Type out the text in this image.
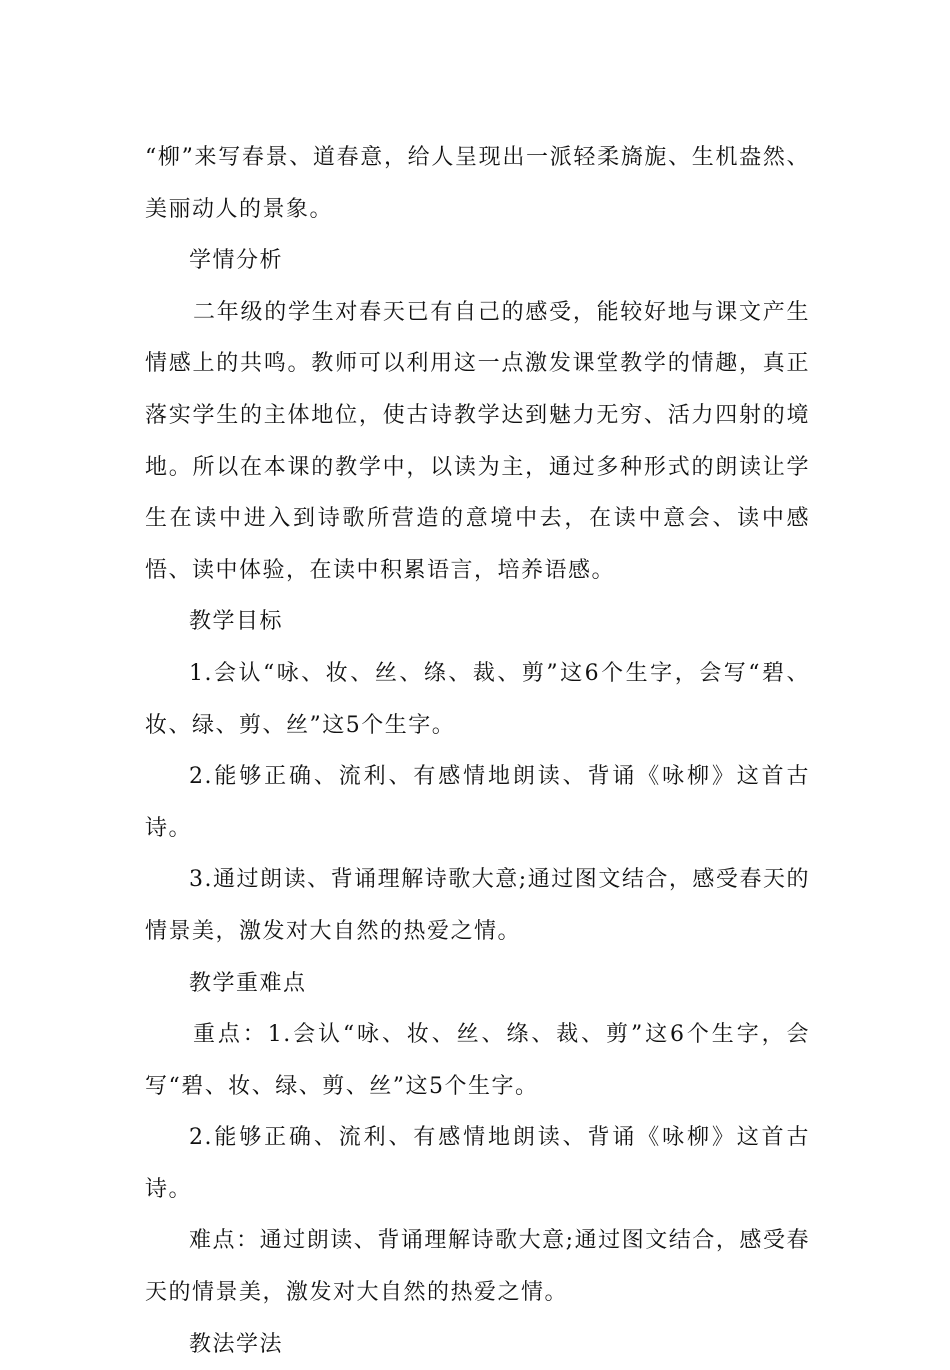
“柳”来写春景、道春意，给人呈现出一派轻柔旖旎、生机盎然、美丽动人的景象。

学情分析

二年级的学生对春天已有自己的感受，能较好地与课文产生情感上的共鸣。教师可以利用这一点激发课堂教学的情趣，真正落实学生的主体地位，使古诗教学达到魅力无穷、活力四射的境地。所以在本课的教学中，以读为主，通过多种形式的朗读让学生在读中进入到诗歌所营造的意境中去，在读中意会、读中感悟、读中体验，在读中积累语言，培养语感。

教学目标

1.会认“咏、妆、丝、绦、裁、剪”这6个生字，会写“碧、妆、绿、剪、丝”这5个生字。

2.能够正确、流利、有感情地朗读、背诵《咏柳》这首古诗。

3.通过朗读、背诵理解诗歌大意;通过图文结合，感受春天的情景美，激发对大自然的热爱之情。

教学重难点

重点：1.会认“咏、妆、丝、绦、裁、剪”这6个生字，会写“碧、妆、绿、剪、丝”这5个生字。

2.能够正确、流利、有感情地朗读、背诵《咏柳》这首古诗。

难点：通过朗读、背诵理解诗歌大意;通过图文结合，感受春天的情景美，激发对大自然的热爱之情。

教法学法
